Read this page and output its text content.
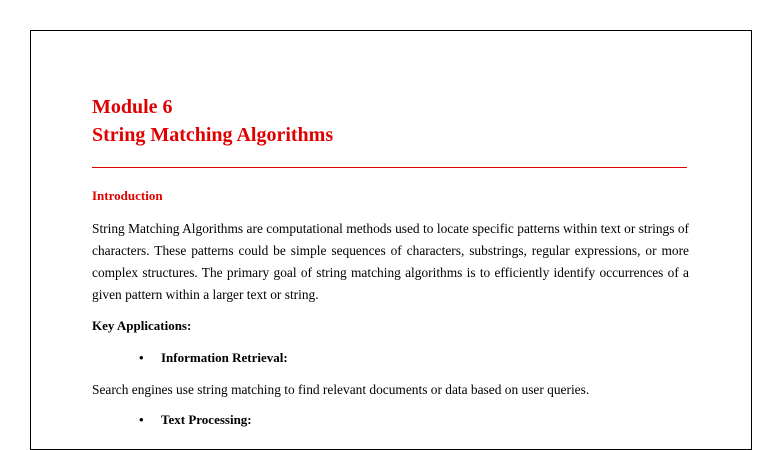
Module 6
String Matching Algorithms
Introduction

String Matching Algorithms are computational methods used to locate specific patterns within text or strings of characters. These patterns could be simple sequences of characters, substrings, regular expressions, or more complex structures. The primary goal of string matching algorithms is to efficiently identify occurrences of a given pattern within a larger text or string.

Key Applications:

• Information Retrieval:

Search engines use string matching to find relevant documents or data based on user queries.

• Text Processing:
